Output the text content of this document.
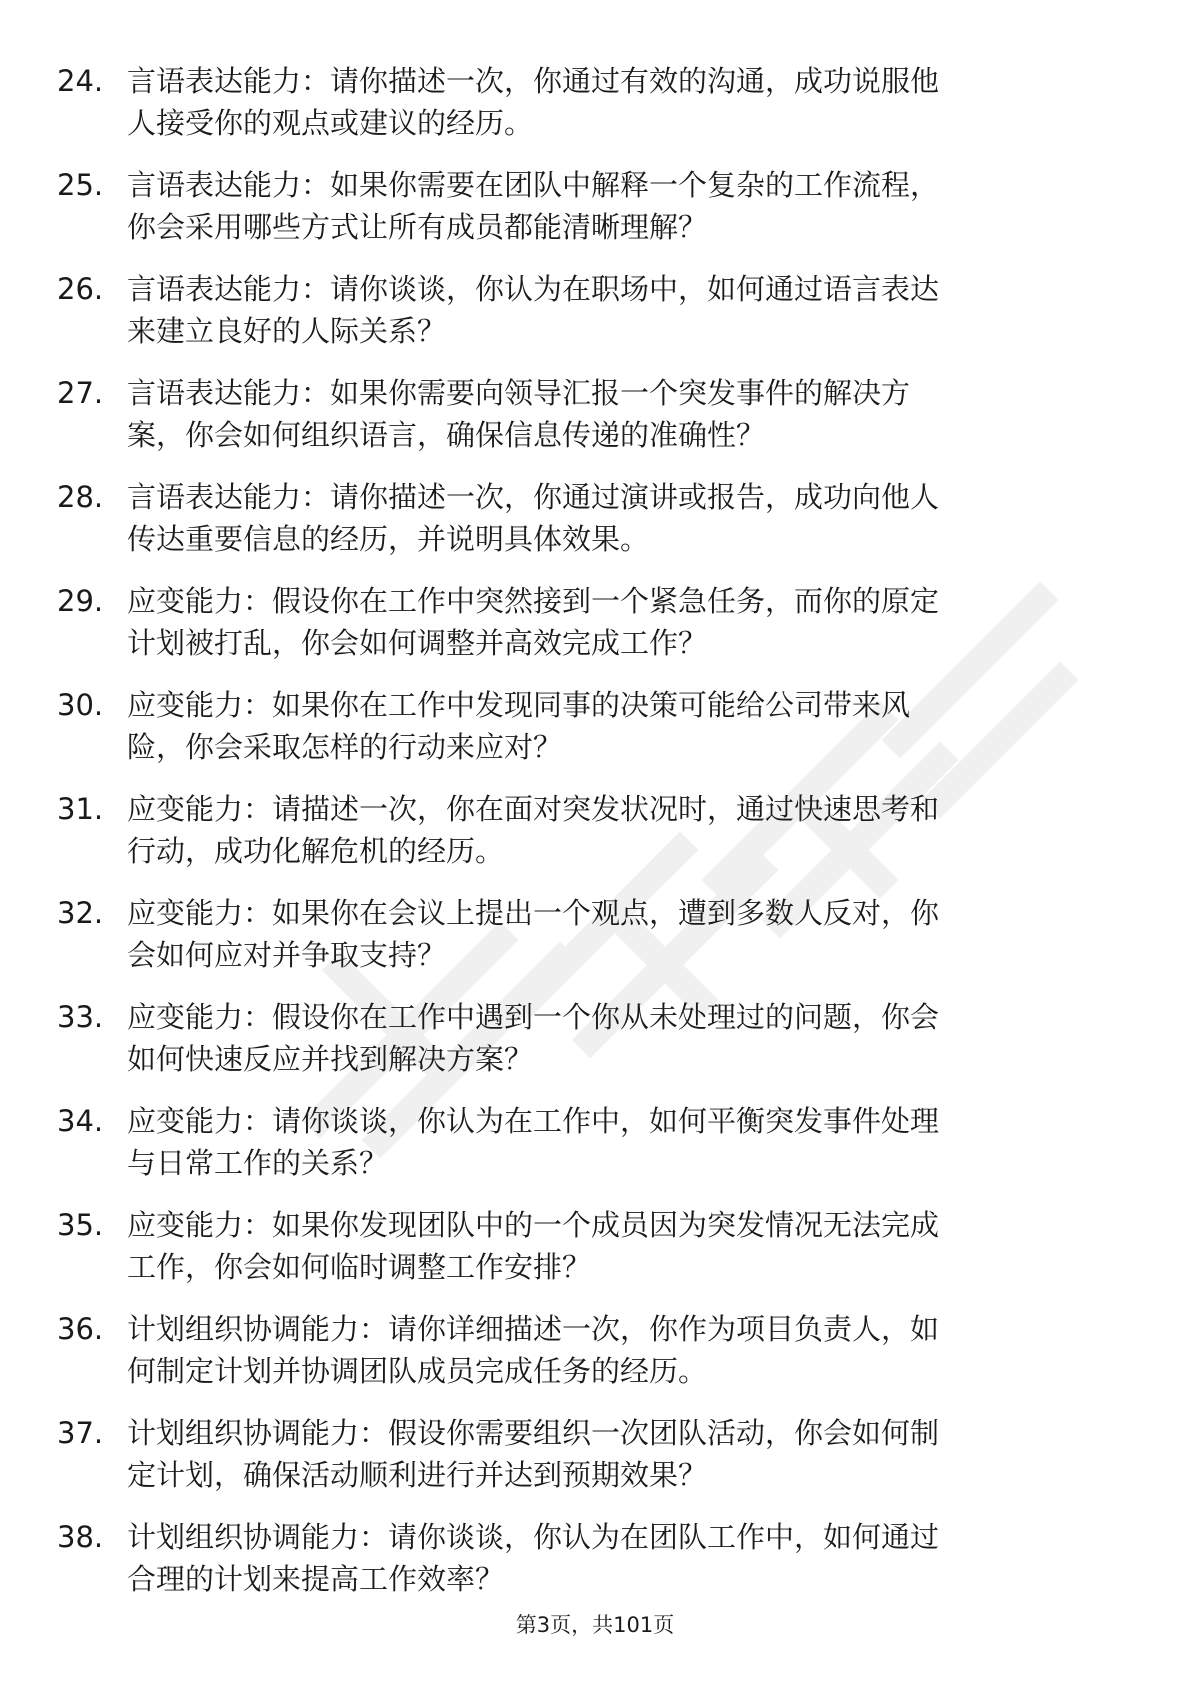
24. 言语表达能力：请你描述一次，你通过有效的沟通，成功说服他
人接受你的观点或建议的经历。
25. 言语表达能力：如果你需要在团队中解释一个复杂的工作流程，
你会采用哪些方式让所有成员都能清晰理解？
26. 言语表达能力：请你谈谈，你认为在职场中，如何通过语言表达
来建立良好的人际关系？
27. 言语表达能力：如果你需要向领导汇报一个突发事件的解决方
案，你会如何组织语言，确保信息传递的准确性？
28. 言语表达能力：请你描述一次，你通过演讲或报告，成功向他人
传达重要信息的经历，并说明具体效果。
29. 应变能力：假设你在工作中突然接到一个紧急任务，而你的原定
计划被打乱，你会如何调整并高效完成工作？
30. 应变能力：如果你在工作中发现同事的决策可能给公司带来风
险，你会采取怎样的行动来应对？
31. 应变能力：请描述一次，你在面对突发状况时，通过快速思考和
行动，成功化解危机的经历。
32. 应变能力：如果你在会议上提出一个观点，遭到多数人反对，你
会如何应对并争取支持？
33. 应变能力：假设你在工作中遇到一个你从未处理过的问题，你会
如何快速反应并找到解决方案？
34. 应变能力：请你谈谈，你认为在工作中，如何平衡突发事件处理
与日常工作的关系？
35. 应变能力：如果你发现团队中的一个成员因为突发情况无法完成
工作，你会如何临时调整工作安排？
36. 计划组织协调能力：请你详细描述一次，你作为项目负责人，如
何制定计划并协调团队成员完成任务的经历。
37. 计划组织协调能力：假设你需要组织一次团队活动，你会如何制
定计划，确保活动顺利进行并达到预期效果？
38. 计划组织协调能力：请你谈谈，你认为在团队工作中，如何通过
合理的计划来提高工作效率？
第3页，共101页
